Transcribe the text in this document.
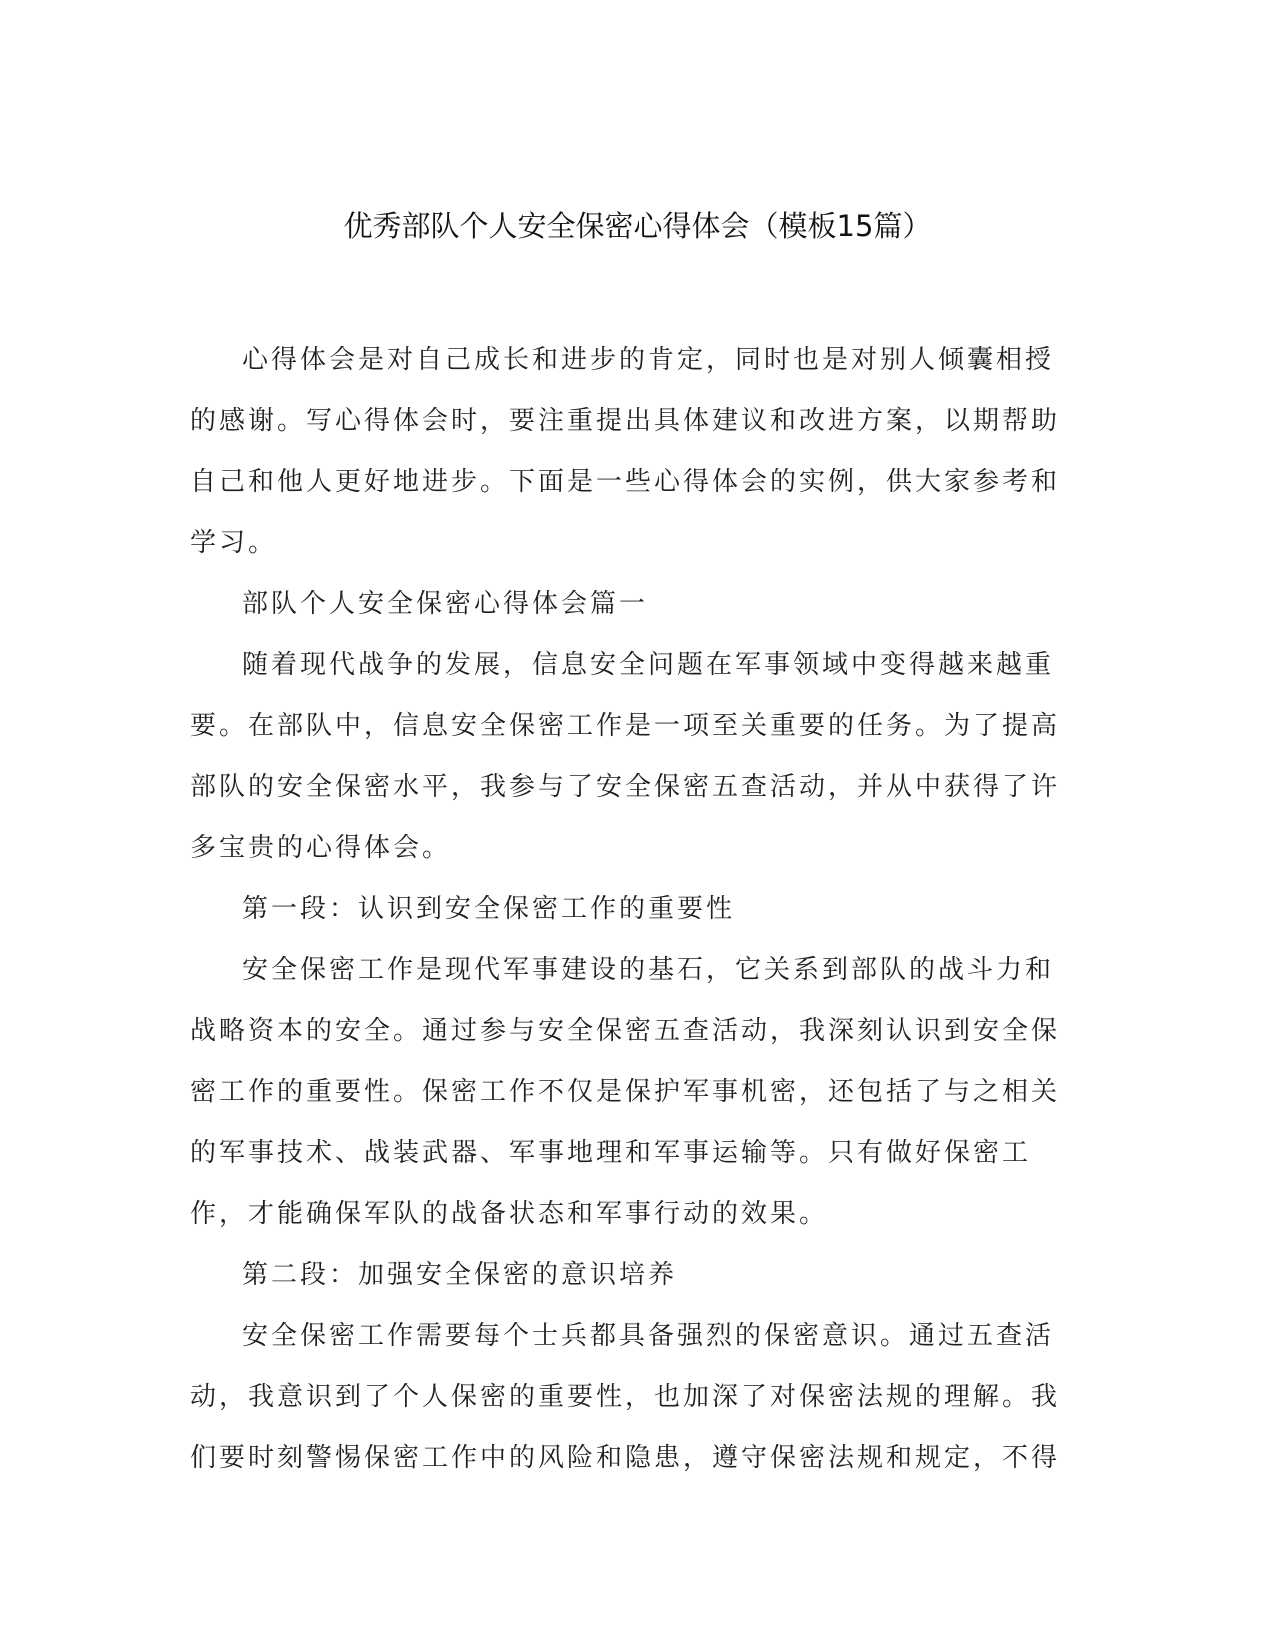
优秀部队个人安全保密心得体会（模板15篇）

心得体会是对自己成长和进步的肯定，同时也是对别人倾囊相授的感谢。写心得体会时，要注重提出具体建议和改进方案，以期帮助自己和他人更好地进步。下面是一些心得体会的实例，供大家参考和学习。

部队个人安全保密心得体会篇一

随着现代战争的发展，信息安全问题在军事领域中变得越来越重要。在部队中，信息安全保密工作是一项至关重要的任务。为了提高部队的安全保密水平，我参与了安全保密五查活动，并从中获得了许多宝贵的心得体会。

第一段：认识到安全保密工作的重要性

安全保密工作是现代军事建设的基石，它关系到部队的战斗力和战略资本的安全。通过参与安全保密五查活动，我深刻认识到安全保密工作的重要性。保密工作不仅是保护军事机密，还包括了与之相关的军事技术、战装武器、军事地理和军事运输等。只有做好保密工作，才能确保军队的战备状态和军事行动的效果。

第二段：加强安全保密的意识培养

安全保密工作需要每个士兵都具备强烈的保密意识。通过五查活动，我意识到了个人保密的重要性，也加深了对保密法规的理解。我们要时刻警惕保密工作中的风险和隐患，遵守保密法规和规定，不得
